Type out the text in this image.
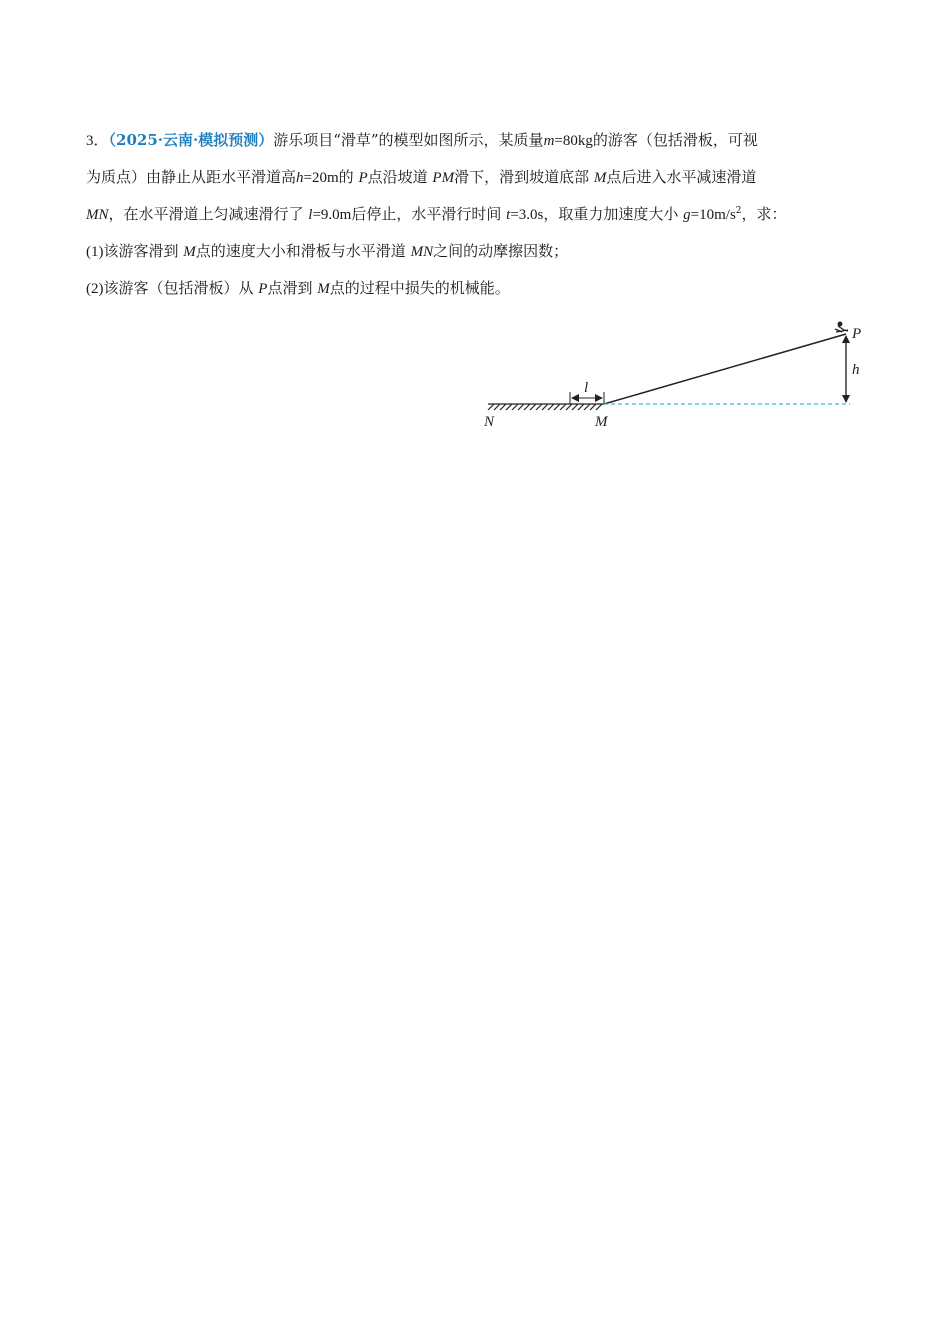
3．（2025·云南·模拟预测）游乐项目“滑草”的模型如图所示，某质量m=80kg的游客（包括滑板，可视
为质点）由静止从距水平滑道高h=20m的 P点沿坡道 PM滑下，滑到坡道底部 M点后进入水平减速滑道
MN，在水平滑道上匀减速滑行了 l=9.0m后停止，水平滑行时间 t=3.0s，取重力加速度大小 $g=10m/s^2$，求：
(1)该游客滑到 M点的速度大小和滑板与水平滑道 MN之间的动摩擦因数；
(2)该游客（包括滑板）从 P点滑到 M点的过程中损失的机械能。
l
h
P
N	M
